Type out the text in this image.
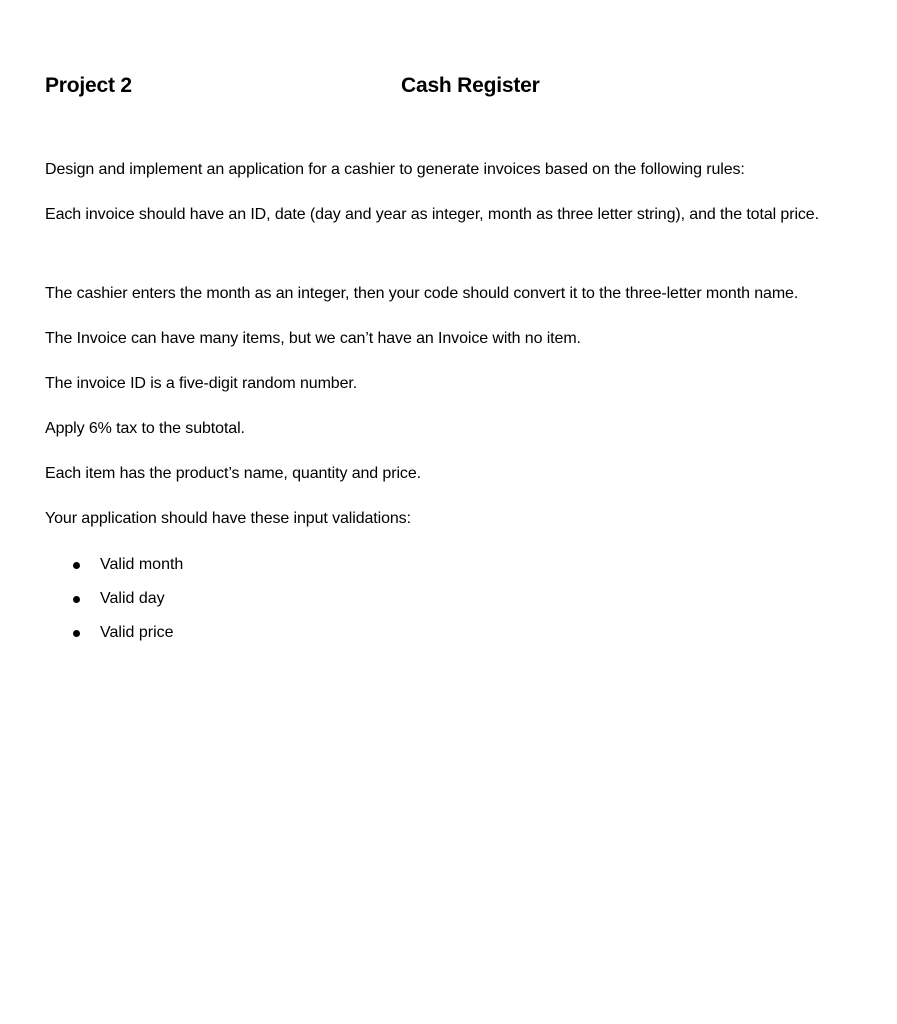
Project 2	Cash Register

Design and implement an application for a cashier to generate invoices based on the following rules:

Each invoice should have an ID, date (day and year as integer, month as three letter string), and the total price.

The cashier enters the month as an integer, then your code should convert it to the three-letter month name.

The Invoice can have many items, but we can’t have an Invoice with no item.

The invoice ID is a five-digit random number.

Apply 6% tax to the subtotal.

Each item has the product’s name, quantity and price.

Your application should have these input validations:

Valid month
Valid day
Valid price
